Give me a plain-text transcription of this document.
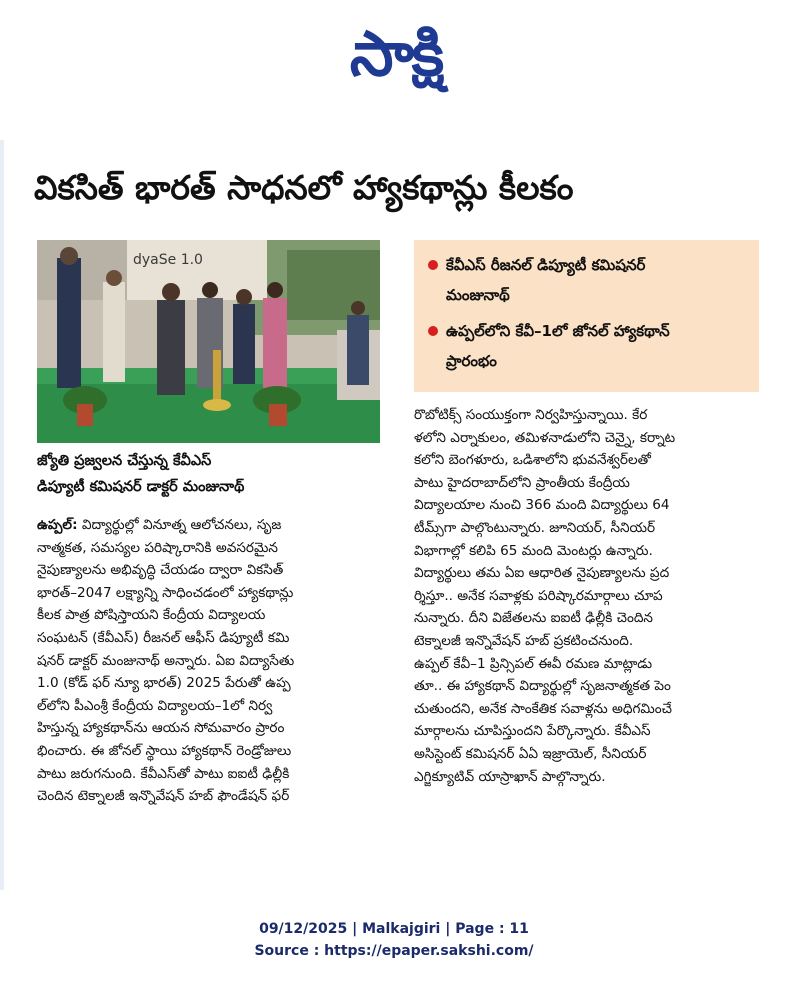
సాక్షి
వికసిత్ భారత్ సాధనలో హ్యాకథాన్లు కీలకం
dyaSe 1.0
జ్యోతి ప్రజ్వలన చేస్తున్న కేవీఎస్
డిప్యూటీ కమిషనర్ డాక్టర్ మంజునాథ్
కేవీఎస్ రీజనల్ డిప్యూటీ కమిషనర్
మంజునాథ్
ఉప్పల్‌లోని కేవీ–1లో జోనల్ హ్యాకథాన్
ప్రారంభం
ఉప్పల్: విద్యార్థుల్లో వినూత్న ఆలోచనలు, సృజ
నాత్మకత, సమస్యల పరిష్కారానికి అవసరమైన
నైపుణ్యాలను అభివృద్ధి చేయడం ద్వారా వికసిత్
భారత్–2047 లక్ష్యాన్ని సాధించడంలో హ్యాకథాన్లు
కీలక పాత్ర పోషిస్తాయని కేంద్రీయ విద్యాలయ
సంఘటన్ (కేవీఎస్) రీజనల్ ఆఫీస్ డిప్యూటీ కమి
షనర్ డాక్టర్ మంజునాథ్ అన్నారు. ఏఐ విద్యాసేతు
1.0 (కోడ్ ఫర్ న్యూ భారత్) 2025 పేరుతో ఉప్ప
ల్‌లోని పీఎంశ్రీ కేంద్రీయ విద్యాలయ–1లో నిర్వ
హిస్తున్న హ్యాకథాన్‌ను ఆయన సోమవారం ప్రారం
భించారు. ఈ జోనల్ స్థాయి హ్యాకథాన్ రెండ్రోజులు
పాటు జరుగనుంది. కేవీఎస్‌తో పాటు ఐఐటీ ఢిల్లీకి
చెందిన టెక్నాలజీ ఇన్నొవేషన్ హబ్ ఫౌండేషన్ ఫర్
రొబోటిక్స్ సంయుక్తంగా నిర్వహిస్తున్నాయి. కేర
ళలోని ఎర్నాకులం, తమిళనాడులోని చెన్నై, కర్నాట
కలోని బెంగళూరు, ఒడిశాలోని భువనేశ్వర్‌లతో
పాటు హైదరాబాద్‌లోని ప్రాంతీయ కేంద్రీయ
విద్యాలయాల నుంచి 366 మంది విద్యార్థులు 64
టీమ్స్‌గా పాల్గొంటున్నారు. జూనియర్, సీనియర్
విభాగాల్లో కలిపి 65 మంది మెంటర్లు ఉన్నారు.
విద్యార్థులు తమ ఏఐ ఆధారిత నైపుణ్యాలను ప్రద
ర్శిస్తూ.. అనేక సవాళ్లకు పరిష్కారమార్గాలు చూప
నున్నారు. దీని విజేతలను ఐఐటీ ఢిల్లీకి చెందిన
టెక్నాలజీ ఇన్నొవేషన్ హబ్ ప్రకటించనుంది.
ఉప్పల్ కేవీ–1 ప్రిన్సిపల్ ఈవీ రమణ మాట్లాడు
తూ.. ఈ హ్యాకథాన్ విద్యార్థుల్లో సృజనాత్మకత పెం
చుతుందని, అనేక సాంకేతిక సవాళ్లను అధిగమించే
మార్గాలను చూపిస్తుందని పేర్కొన్నారు. కేవీఎస్
అసిస్టెంట్ కమిషనర్ ఏఏ ఇజ్రాయెల్, సీనియర్
ఎగ్జిక్యూటివ్ యాస్రాఖాన్ పాల్గొన్నారు.
09/12/2025 | Malkajgiri | Page : 11
Source : https://epaper.sakshi.com/
